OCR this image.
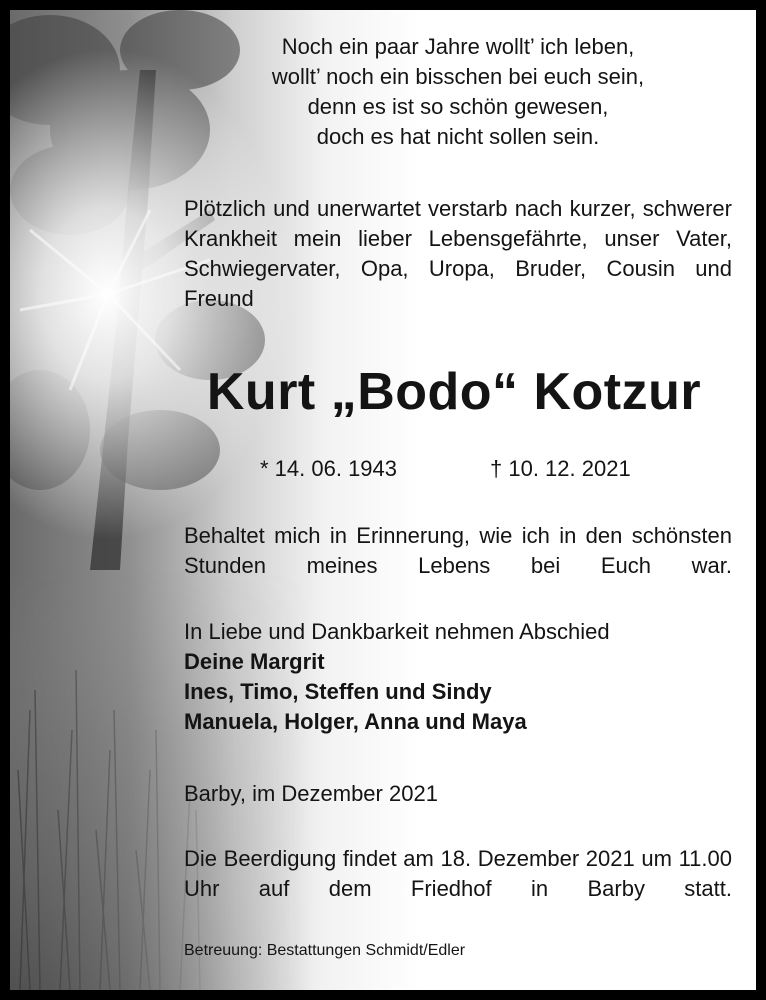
Noch ein paar Jahre wollt’ ich leben,
wollt’ noch ein bisschen bei euch sein,
denn es ist so schön gewesen,
doch es hat nicht sollen sein.
Plötzlich und unerwartet verstarb nach kurzer, schwerer Krankheit mein lieber Lebensgefährte, unser Vater, Schwiegervater, Opa, Uropa, Bruder, Cousin und Freund
Kurt „Bodo“ Kotzur
* 14. 06. 1943	† 10. 12. 2021
Behaltet mich in Erinnerung, wie ich in den schönsten Stunden meines Lebens bei Euch war.
In Liebe und Dankbarkeit nehmen Abschied
Deine Margrit
Ines, Timo, Steffen und Sindy
Manuela, Holger, Anna und Maya
Barby, im Dezember 2021
Die Beerdigung findet am 18. Dezember 2021 um 11.00 Uhr auf dem Friedhof in Barby statt.
Betreuung: Bestattungen Schmidt/Edler
